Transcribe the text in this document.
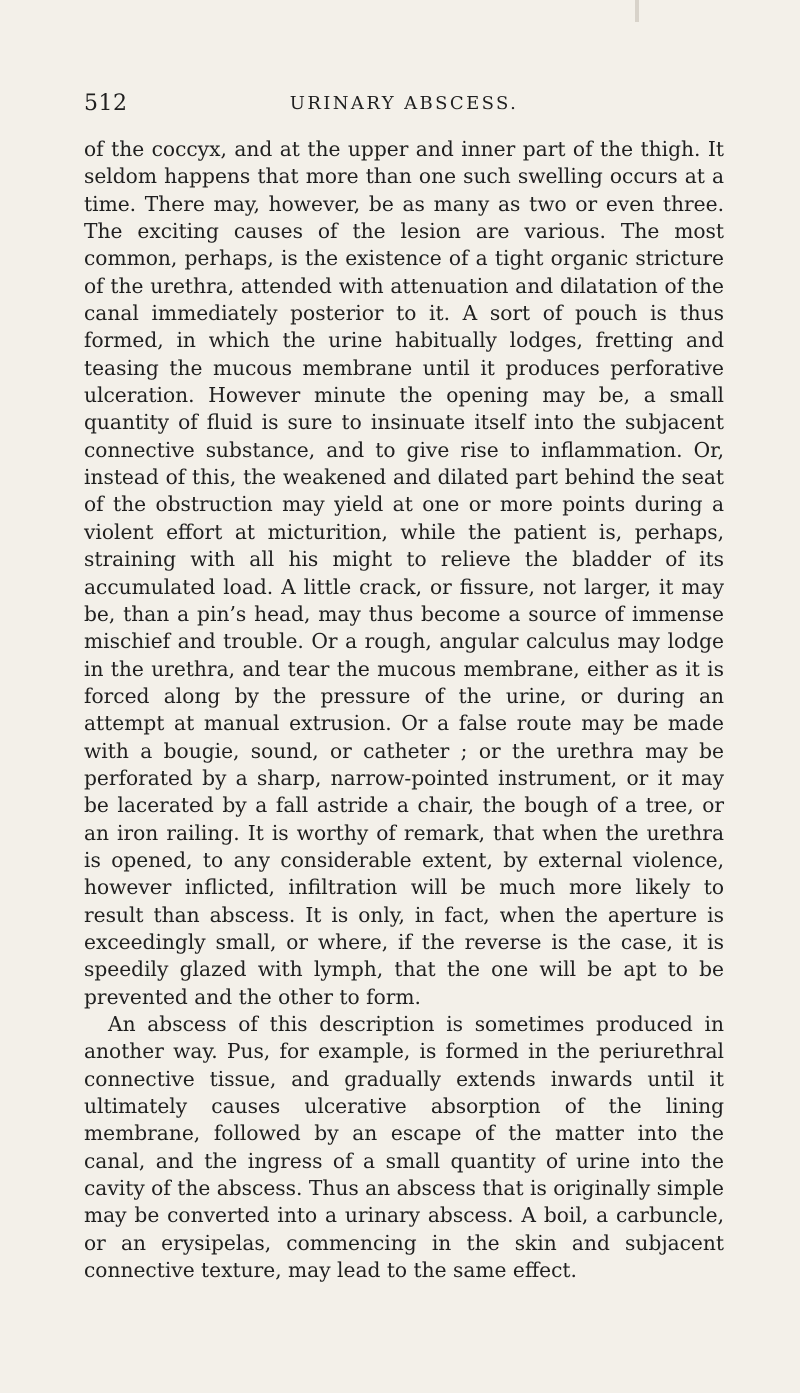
512	URINARY ABSCESS.

of the coccyx, and at the upper and inner part of the thigh. It seldom happens that more than one such swelling occurs at a time. There may, however, be as many as two or even three. The exciting causes of the lesion are various. The most common, perhaps, is the existence of a tight organic stricture of the urethra, attended with attenuation and dilatation of the canal immediately posterior to it. A sort of pouch is thus formed, in which the urine habitually lodges, fretting and teasing the mucous membrane until it produces perforative ulceration. However minute the opening may be, a small quantity of fluid is sure to insinuate itself into the subjacent connective substance, and to give rise to inflammation. Or, instead of this, the weakened and dilated part behind the seat of the obstruction may yield at one or more points during a violent effort at micturition, while the patient is, perhaps, straining with all his might to relieve the bladder of its accumulated load. A little crack, or fissure, not larger, it may be, than a pin’s head, may thus become a source of immense mischief and trouble. Or a rough, angular calculus may lodge in the urethra, and tear the mucous membrane, either as it is forced along by the pressure of the urine, or during an attempt at manual extrusion. Or a false route may be made with a bougie, sound, or catheter ; or the urethra may be perforated by a sharp, narrow-pointed instrument, or it may be lacerated by a fall astride a chair, the bough of a tree, or an iron railing. It is worthy of remark, that when the urethra is opened, to any considerable extent, by external violence, however inflicted, infiltration will be much more likely to result than abscess. It is only, in fact, when the aperture is exceedingly small, or where, if the reverse is the case, it is speedily glazed with lymph, that the one will be apt to be prevented and the other to form.

An abscess of this description is sometimes produced in another way. Pus, for example, is formed in the periurethral connective tissue, and gradually extends inwards until it ultimately causes ulcerative absorption of the lining membrane, followed by an escape of the matter into the canal, and the ingress of a small quantity of urine into the cavity of the abscess. Thus an abscess that is originally simple may be converted into a urinary abscess. A boil, a carbuncle, or an erysipelas, commencing in the skin and subjacent connective texture, may lead to the same effect.
